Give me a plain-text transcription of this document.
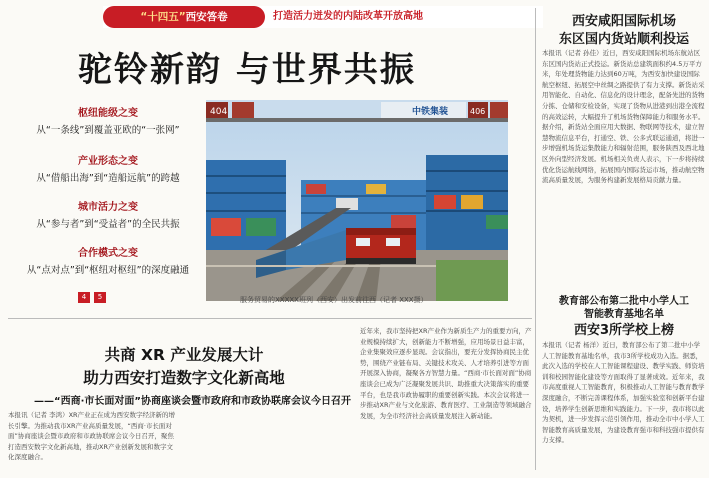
“十四五”西安答卷	打造活力迸发的内陆改革开放高地
驼铃新韵 与世界共振
枢纽能级之变
从“一条线”到覆盖亚欧的“一张网”
产业形态之变
从“借船出海”到“造船远航”的跨越
城市活力之变
从“参与者”到“受益者”的全民共振
合作模式之变
从“点对点”到“枢纽对枢纽”的深度融通
4 5
404	406
中铁集装
服务贸易的XXXXX班列（西安）出发前往西（记者 XXX摄）
共商 XR 产业发展大计
助力西安打造数字文化新高地
——“西商·市长面对面”协商座谈会暨市政府和市政协联席会议今日召开
本报讯（记者 李鸿）XR产业正在成为西安数字经济新的增长引擎。为推动我市XR产业高质量发展，“西商·市长面对面”协商座谈会暨市政府和市政协联席会议今日召开，聚焦打造西安数字文化新高地，推动XR产业创新发展和数字文化深度融合。
近年来，我市坚持把XR产业作为新质生产力的重要方向，产业规模持续扩大，创新能力不断增强，应用场景日益丰富，企业集聚效应逐步显现。会议指出，要充分发挥协商民主优势，围绕产业链布局、关键技术攻关、人才培养引进等方面开展深入协商，凝聚各方智慧力量。“西商·市长面对面”协商座谈会已成为广泛凝聚发展共识、助推重大决策落实的重要平台，也是我市政协履职的重要创新实践。本次会议将进一步推动XR产业与文化旅游、教育医疗、工业制造等领域融合发展，为全市经济社会高质量发展注入新动能。
西安咸阳国际机场
东区国内货站顺利投运
本报讯（记者 孙佳）近日，西安咸阳国际机场东航站区东区国内货站正式投运。新货站总建筑面积约4.5万平方米，年处理货物能力达到60万吨，为西安加快建设国际航空枢纽、拓展空中丝绸之路提供了有力支撑。新货站采用智能化、自动化、信息化的设计理念，配备先进的货物分拣、仓储和安检设备，实现了货物从进港到出港全流程的高效运转，大幅提升了机场货物保障能力和服务水平。据介绍，新货站全面应用大数据、物联网等技术，建立智慧物流信息平台，打通空、铁、公多式联运通道，将进一步增强机场货运集散能力和辐射范围，服务陕西及西北地区外向型经济发展。机场相关负责人表示，下一步将持续优化货运航线网络，拓展国内国际货运市场，推动航空物流高质量发展，为服务构建新发展格局贡献力量。
教育部公布第二批中小学人工
智能教育基地名单
西安3所学校上榜
本报讯（记者 杨洋）近日，教育部公布了第二批中小学人工智能教育基地名单，我市3所学校成功入选。据悉，此次入选的学校在人工智能课程建设、教学实践、师资培训和校园智能化建设等方面取得了显著成效。近年来，我市高度重视人工智能教育，积极推动人工智能与教育教学深度融合，不断完善课程体系，加强实验室和创新平台建设，培养学生创新思维和实践能力。下一步，我市将以此为契机，进一步发挥示范引领作用，推动全市中小学人工智能教育高质量发展，为建设教育强市和科技强市提供有力支撑。
